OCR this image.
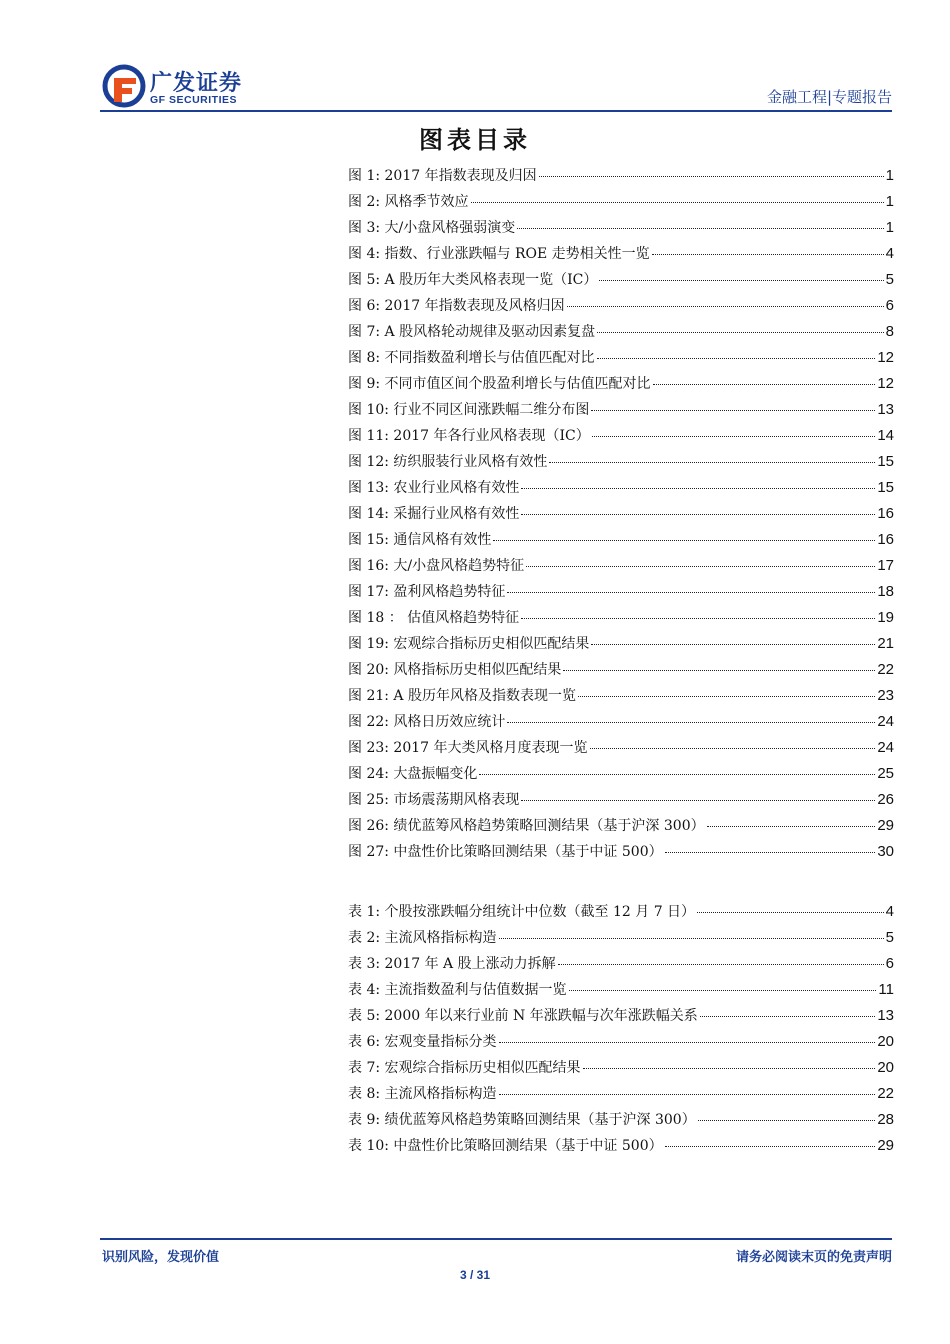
广发证券
GF SECURITIES	金融工程|专题报告
图表目录
图 1: 2017 年指数表现及归因	1
图 2: 风格季节效应	1
图 3: 大/小盘风格强弱演变	1
图 4: 指数、行业涨跌幅与 ROE 走势相关性一览	4
图 5: A 股历年大类风格表现一览（IC）	5
图 6: 2017 年指数表现及风格归因	6
图 7: A 股风格轮动规律及驱动因素复盘	8
图 8: 不同指数盈利增长与估值匹配对比	12
图 9: 不同市值区间个股盈利增长与估值匹配对比	12
图 10: 行业不同区间涨跌幅二维分布图	13
图 11: 2017 年各行业风格表现（IC）	14
图 12: 纺织服装行业风格有效性	15
图 13: 农业行业风格有效性	15
图 14: 采掘行业风格有效性	16
图 15: 通信风格有效性	16
图 16: 大/小盘风格趋势特征	17
图 17: 盈利风格趋势特征	18
图 18 ： 估值风格趋势特征	19
图 19: 宏观综合指标历史相似匹配结果	21
图 20: 风格指标历史相似匹配结果	22
图 21: A 股历年风格及指数表现一览	23
图 22: 风格日历效应统计	24
图 23: 2017 年大类风格月度表现一览	24
图 24: 大盘振幅变化	25
图 25: 市场震荡期风格表现	26
图 26: 绩优蓝筹风格趋势策略回测结果（基于沪深 300）	29
图 27: 中盘性价比策略回测结果（基于中证 500）	30
表 1: 个股按涨跌幅分组统计中位数（截至 12 月 7 日）	4
表 2: 主流风格指标构造	5
表 3: 2017 年 A 股上涨动力拆解	6
表 4: 主流指数盈利与估值数据一览	11
表 5: 2000 年以来行业前 N 年涨跌幅与次年涨跌幅关系	13
表 6: 宏观变量指标分类	20
表 7: 宏观综合指标历史相似匹配结果	20
表 8: 主流风格指标构造	22
表 9: 绩优蓝筹风格趋势策略回测结果（基于沪深 300）	28
表 10: 中盘性价比策略回测结果（基于中证 500）	29
识别风险，发现价值	请务必阅读末页的免责声明
3 / 31
